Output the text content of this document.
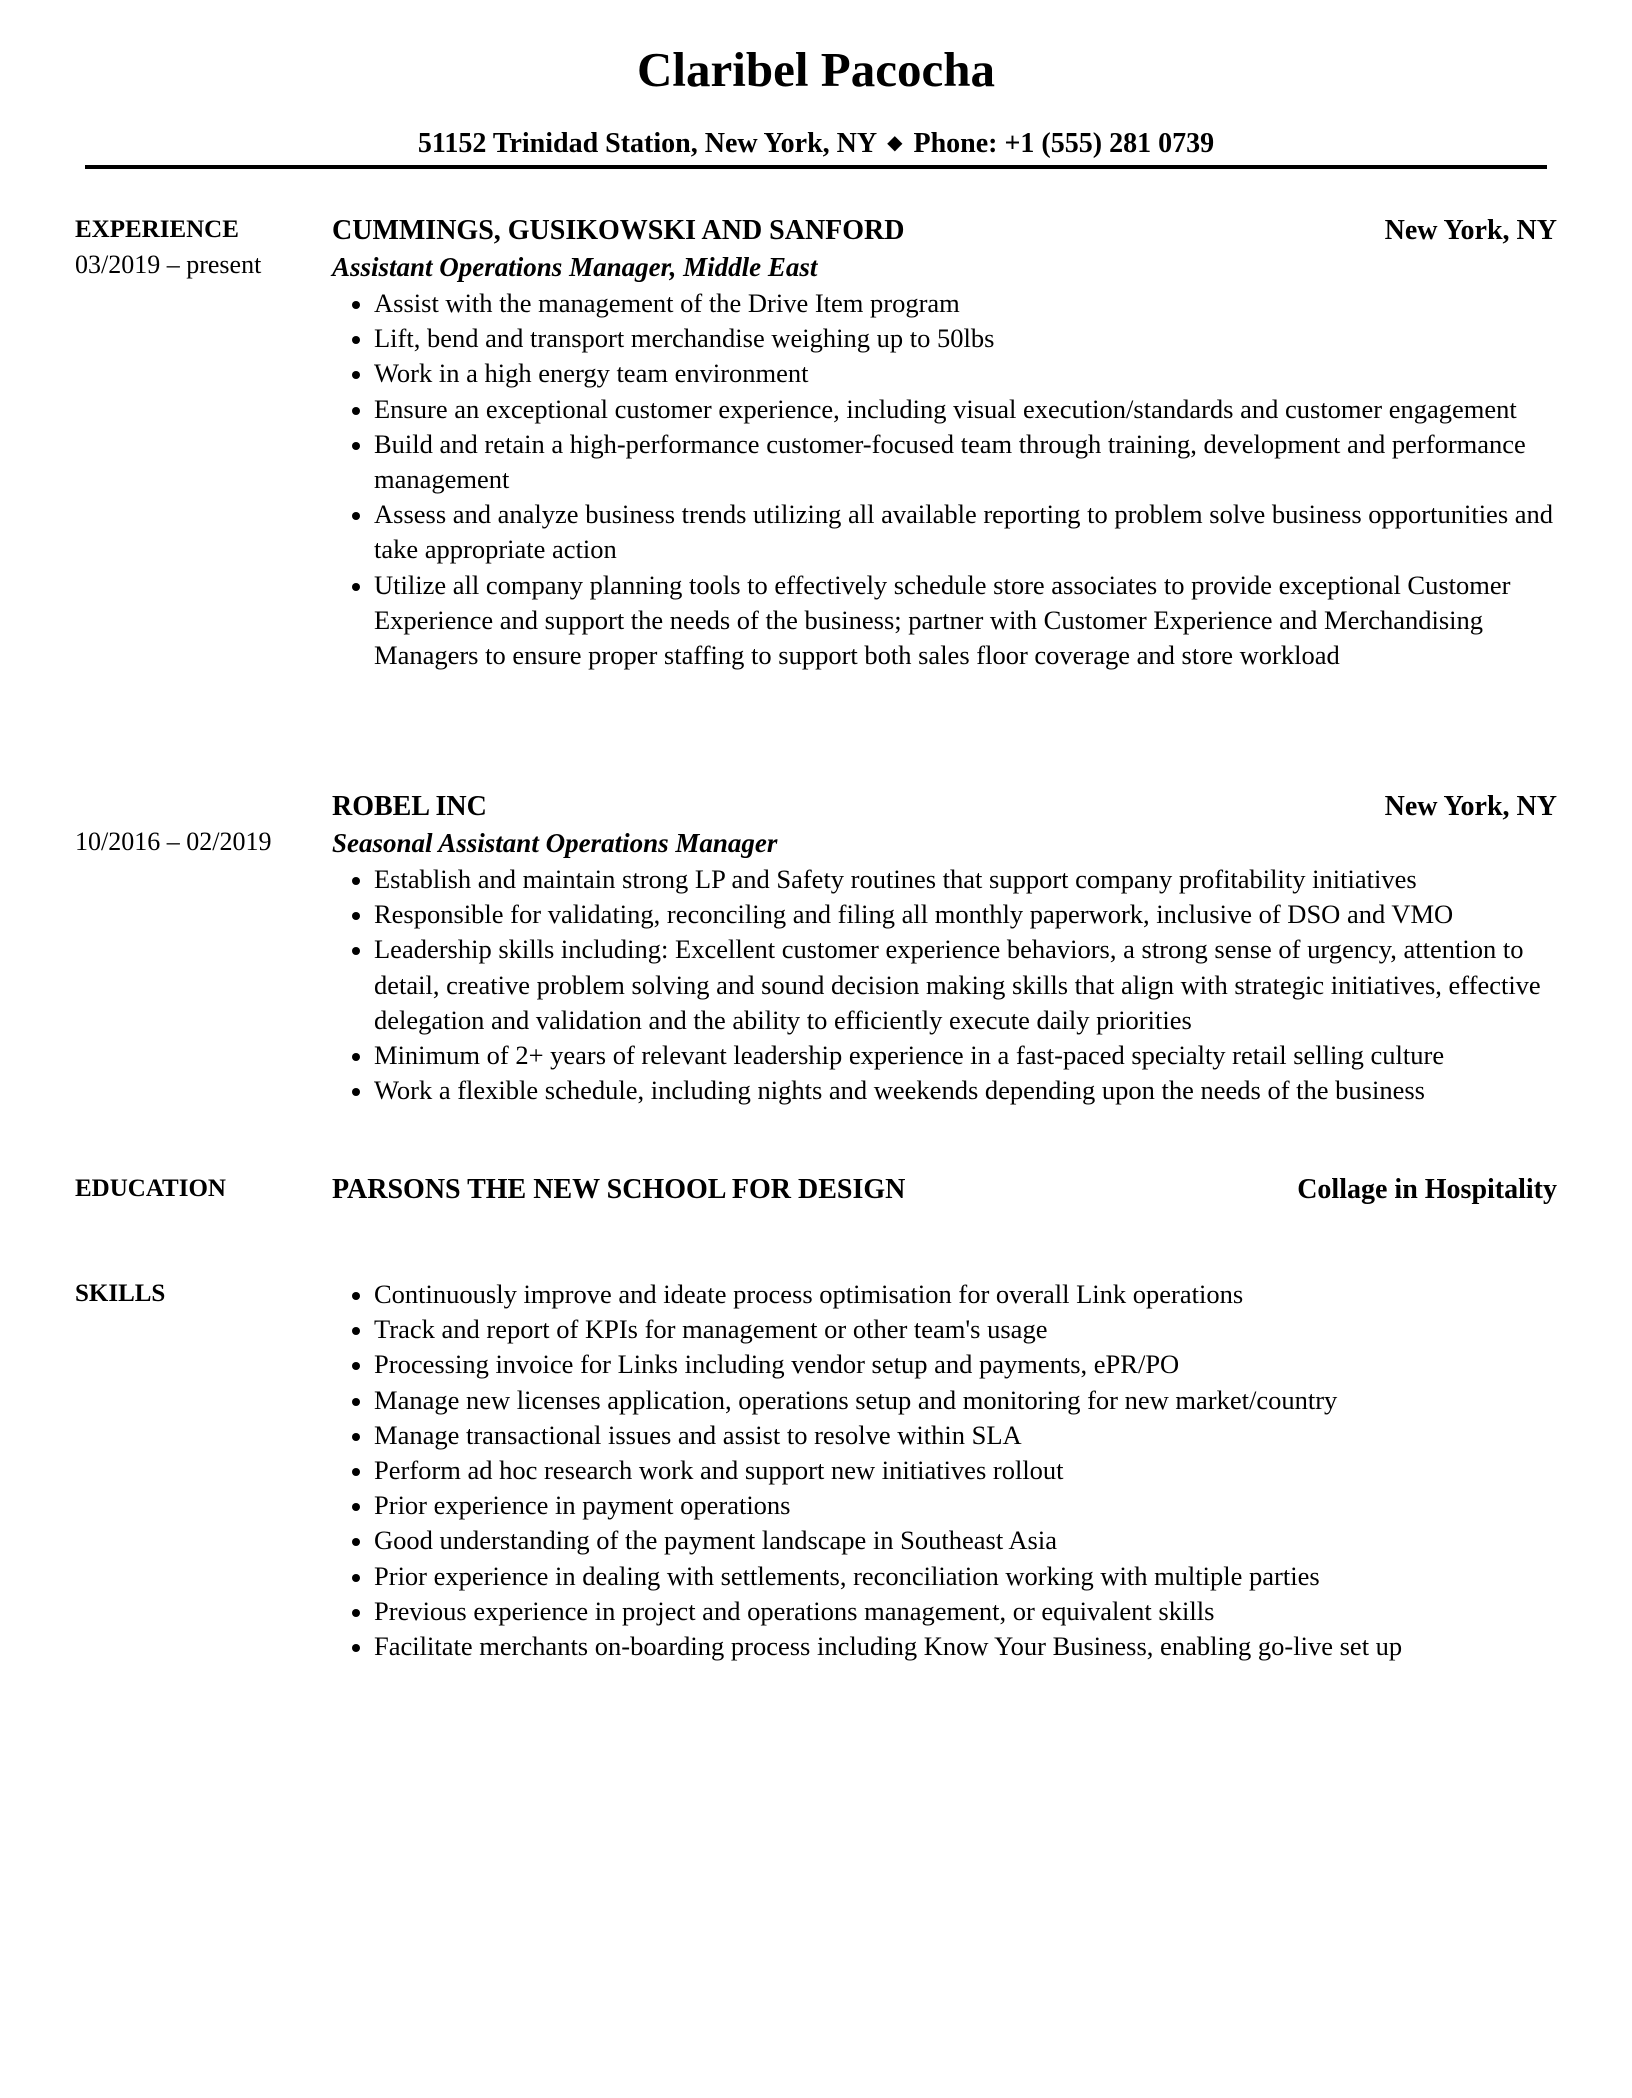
Claribel Pacocha
51152 Trinidad Station, New York, NY ◆ Phone: +1 (555) 281 0739
EXPERIENCE
03/2019 – present
CUMMINGS, GUSIKOWSKI AND SANFORD	New York, NY
Assistant Operations Manager, Middle East
Assist with the management of the Drive Item program
Lift, bend and transport merchandise weighing up to 50lbs
Work in a high energy team environment
Ensure an exceptional customer experience, including visual execution/standards and customer engagement
Build and retain a high-performance customer-focused team through training, development and performance management
Assess and analyze business trends utilizing all available reporting to problem solve business opportunities and take appropriate action
Utilize all company planning tools to effectively schedule store associates to provide exceptional Customer Experience and support the needs of the business; partner with Customer Experience and Merchandising Managers to ensure proper staffing to support both sales floor coverage and store workload
10/2016 – 02/2019
ROBEL INC	New York, NY
Seasonal Assistant Operations Manager
Establish and maintain strong LP and Safety routines that support company profitability initiatives
Responsible for validating, reconciling and filing all monthly paperwork, inclusive of DSO and VMO
Leadership skills including: Excellent customer experience behaviors, a strong sense of urgency, attention to detail, creative problem solving and sound decision making skills that align with strategic initiatives, effective delegation and validation and the ability to efficiently execute daily priorities
Minimum of 2+ years of relevant leadership experience in a fast-paced specialty retail selling culture
Work a flexible schedule, including nights and weekends depending upon the needs of the business
EDUCATION	PARSONS THE NEW SCHOOL FOR DESIGN	Collage in Hospitality
SKILLS	Continuously improve and ideate process optimisation for overall Link operations
Track and report of KPIs for management or other team's usage
Processing invoice for Links including vendor setup and payments, ePR/PO
Manage new licenses application, operations setup and monitoring for new market/country
Manage transactional issues and assist to resolve within SLA
Perform ad hoc research work and support new initiatives rollout
Prior experience in payment operations
Good understanding of the payment landscape in Southeast Asia
Prior experience in dealing with settlements, reconciliation working with multiple parties
Previous experience in project and operations management, or equivalent skills
Facilitate merchants on-boarding process including Know Your Business, enabling go-live set up
